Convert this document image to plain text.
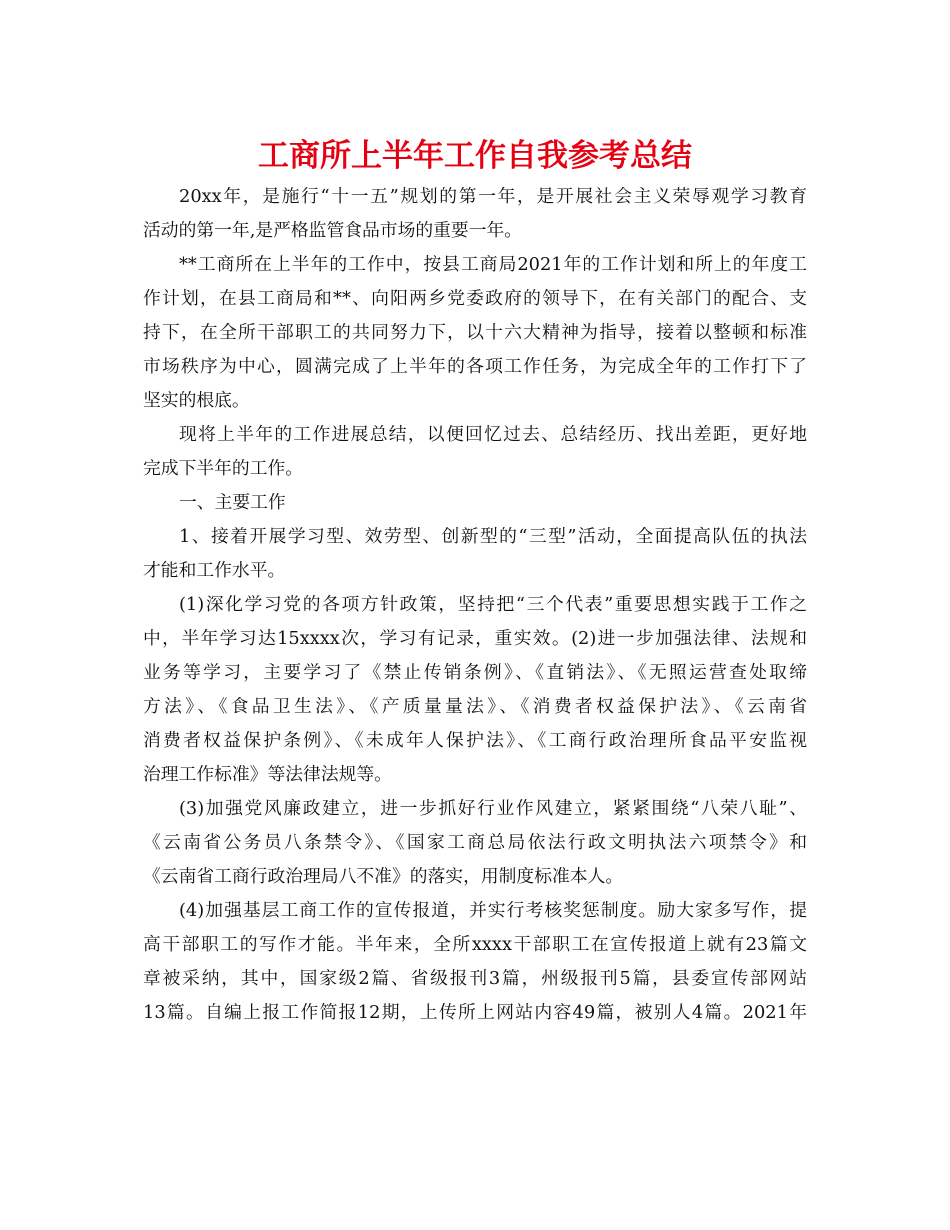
工商所上半年工作自我参考总结

20xx年，是施行“十一五”规划的第一年，是开展社会主义荣辱观学习教育
活动的第一年,是严格监管食品市场的重要一年。

**工商所在上半年的工作中，按县工商局2021年的工作计划和所上的年度工
作计划，在县工商局和**、向阳两乡党委政府的领导下，在有关部门的配合、支
持下，在全所干部职工的共同努力下，以十六大精神为指导，接着以整顿和标准
市场秩序为中心，圆满完成了上半年的各项工作任务，为完成全年的工作打下了
坚实的根底。

现将上半年的工作进展总结，以便回忆过去、总结经历、找出差距，更好地
完成下半年的工作。

一、主要工作

1、接着开展学习型、效劳型、创新型的“三型”活动，全面提高队伍的执法
才能和工作水平。

(1)深化学习党的各项方针政策，坚持把“三个代表”重要思想实践于工作之
中，半年学习达15xxxx次，学习有记录，重实效。(2)进一步加强法律、法规和
业务等学习，主要学习了《禁止传销条例》、《直销法》、《无照运营查处取缔
方法》、《食品卫生法》、《产质量量法》、《消费者权益保护法》、《云南省
消费者权益保护条例》、《未成年人保护法》、《工商行政治理所食品平安监视
治理工作标准》等法律法规等。

(3)加强党风廉政建立，进一步抓好行业作风建立，紧紧围绕“八荣八耻”、
《云南省公务员八条禁令》、《国家工商总局依法行政文明执法六项禁令》和
《云南省工商行政治理局八不准》的落实，用制度标准本人。

(4)加强基层工商工作的宣传报道，并实行考核奖惩制度。励大家多写作，提
高干部职工的写作才能。半年来，全所xxxx干部职工在宣传报道上就有23篇文
章被采纳，其中，国家级2篇、省级报刊3篇，州级报刊5篇，县委宣传部网站
13篇。自编上报工作简报12期，上传所上网站内容49篇，被别人4篇。2021年
